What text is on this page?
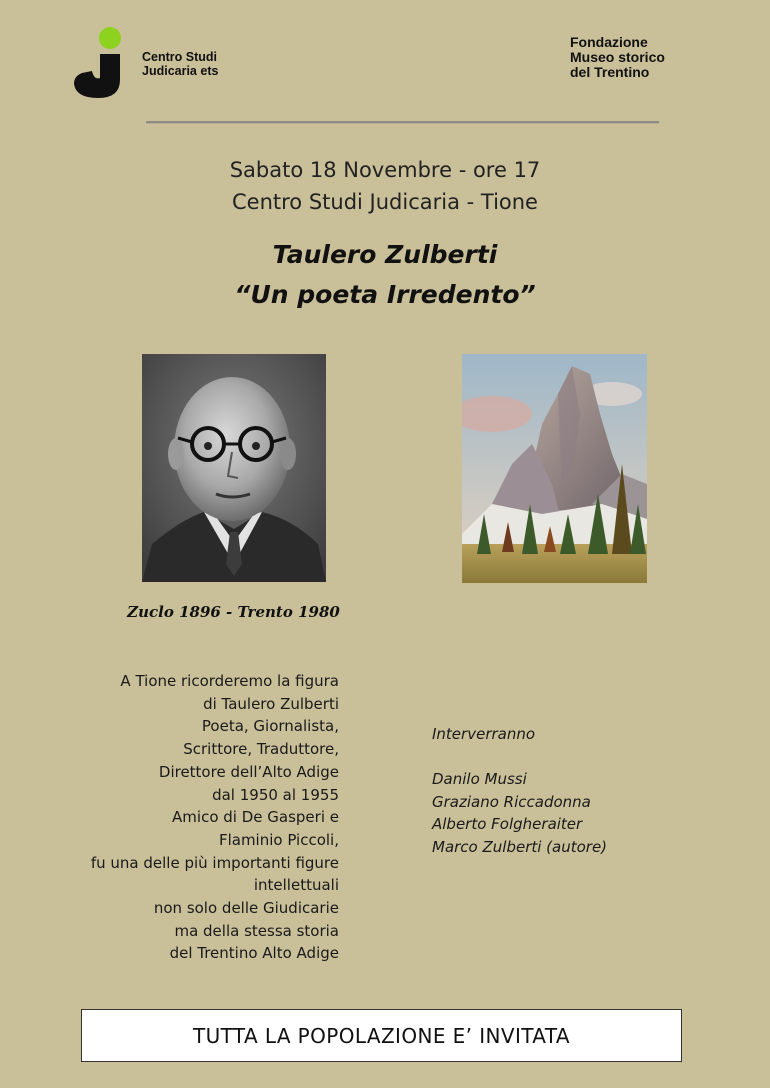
Centro Studi
Judicaria ets
Fondazione
Museo storico
del Trentino
Sabato 18 Novembre - ore 17
Centro Studi Judicaria - Tione
Taulero Zulberti
“Un poeta Irredento”
Zuclo 1896 - Trento 1980
A Tione ricorderemo la figura
di Taulero Zulberti
Poeta, Giornalista,
Scrittore, Traduttore,
Direttore dell’Alto Adige
dal 1950 al 1955
Amico di De Gasperi e
Flaminio Piccoli,
fu una delle più importanti figure
intellettuali
non solo delle Giudicarie
ma della stessa storia
del Trentino Alto Adige
Interverranno
Danilo Mussi
Graziano Riccadonna
Alberto Folgheraiter
Marco Zulberti (autore)
TUTTA LA POPOLAZIONE E’ INVITATA
